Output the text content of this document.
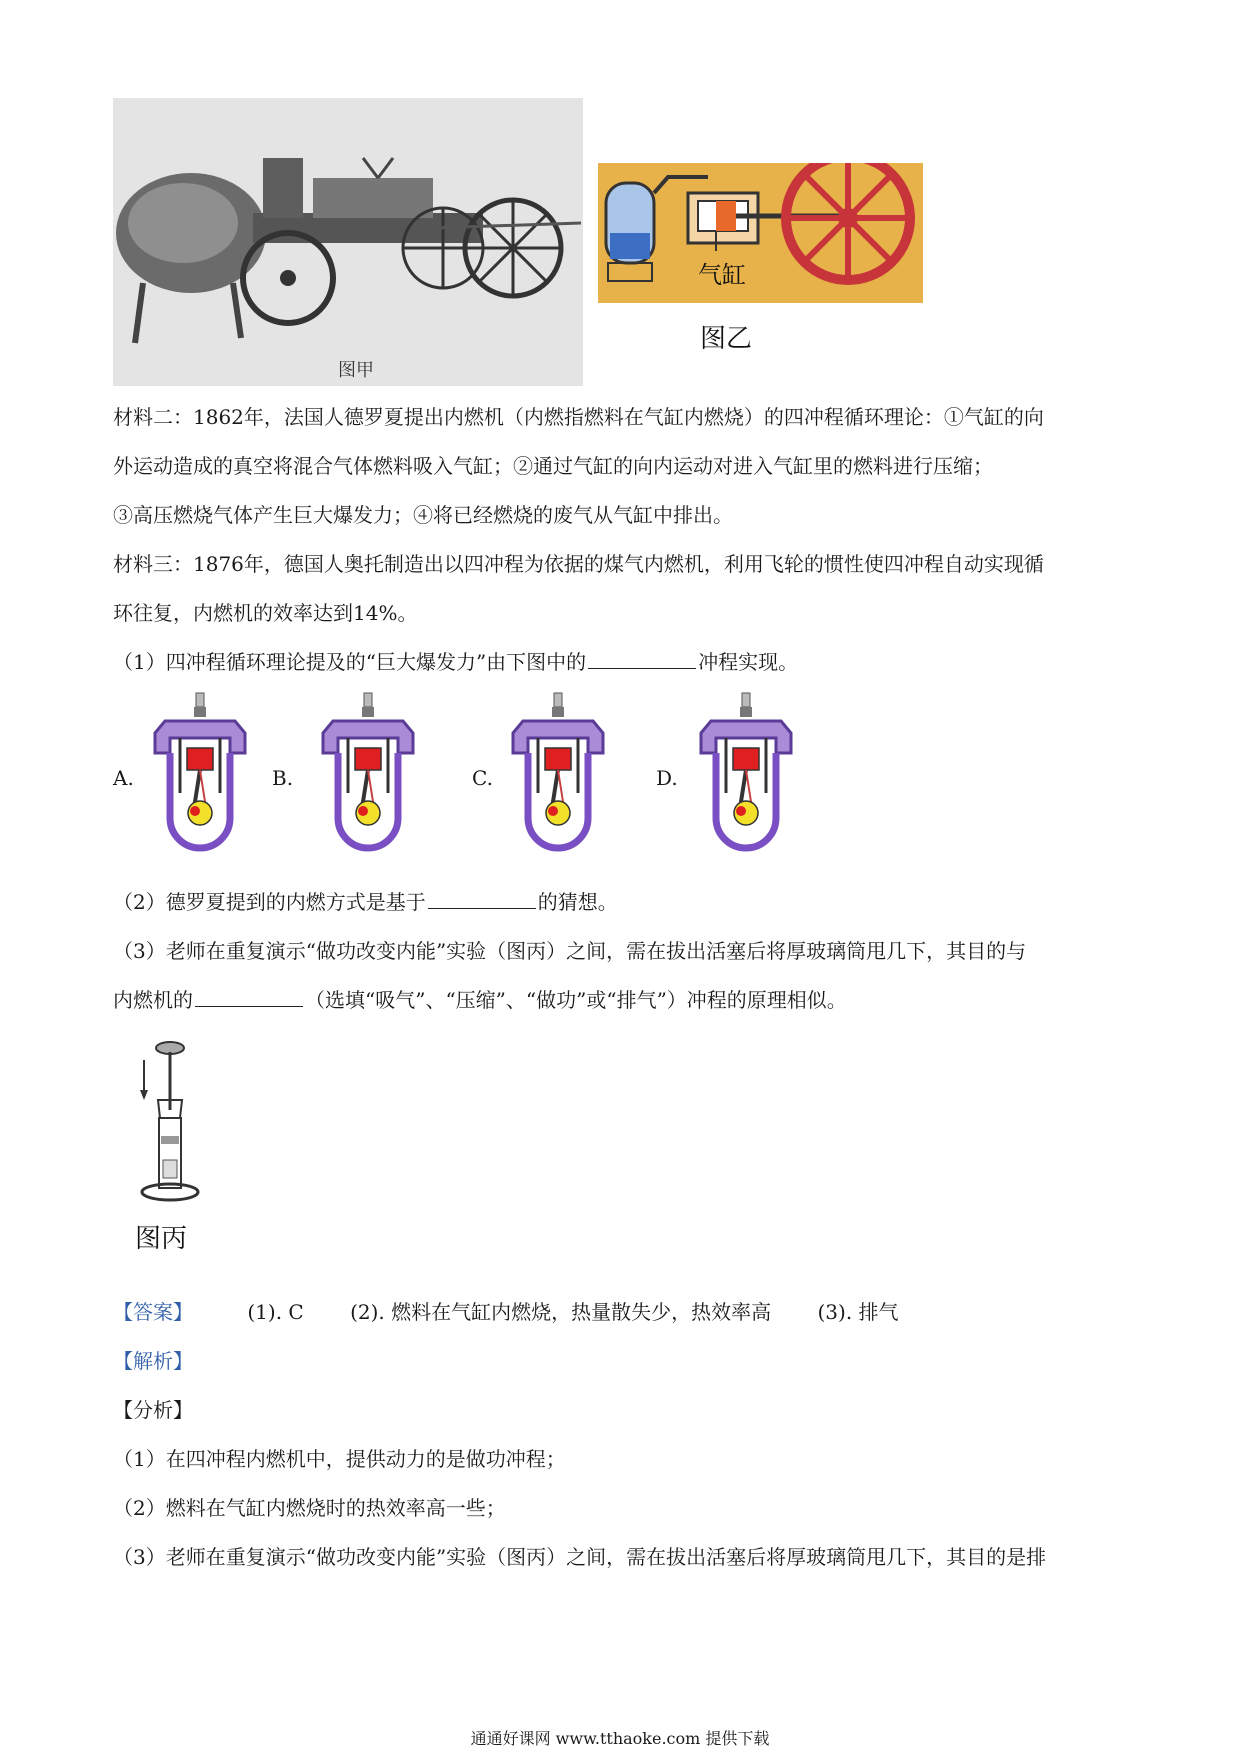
图甲
气缸
图乙
材料二：1862年，法国人德罗夏提出内燃机（内燃指燃料在气缸内燃烧）的四冲程循环理论：①气缸的向
外运动造成的真空将混合气体燃料吸入气缸；②通过气缸的向内运动对进入气缸里的燃料进行压缩；
③高压燃烧气体产生巨大爆发力；④将已经燃烧的废气从气缸中排出。
材料三：1876年，德国人奥托制造出以四冲程为依据的煤气内燃机，利用飞轮的惯性使四冲程自动实现循
环往复，内燃机的效率达到14%。
（1）四冲程循环理论提及的“巨大爆发力”由下图中的	冲程实现。
A.	B.	C.	D.
（2）德罗夏提到的内燃方式是基于	的猜想。
（3）老师在重复演示“做功改变内能”实验（图丙）之间，需在拔出活塞后将厚玻璃筒甩几下，其目的与
内燃机的	（选填“吸气”、“压缩”、“做功”或“排气”）冲程的原理相似。
图丙
【答案】	(1). C (2). 燃料在气缸内燃烧，热量散失少，热效率高 (3). 排气
【解析】
【分析】
（1）在四冲程内燃机中，提供动力的是做功冲程；
（2）燃料在气缸内燃烧时的热效率高一些；
（3）老师在重复演示“做功改变内能”实验（图丙）之间，需在拔出活塞后将厚玻璃筒甩几下，其目的是排
通通好课网 www.tthaoke.com 提供下载
